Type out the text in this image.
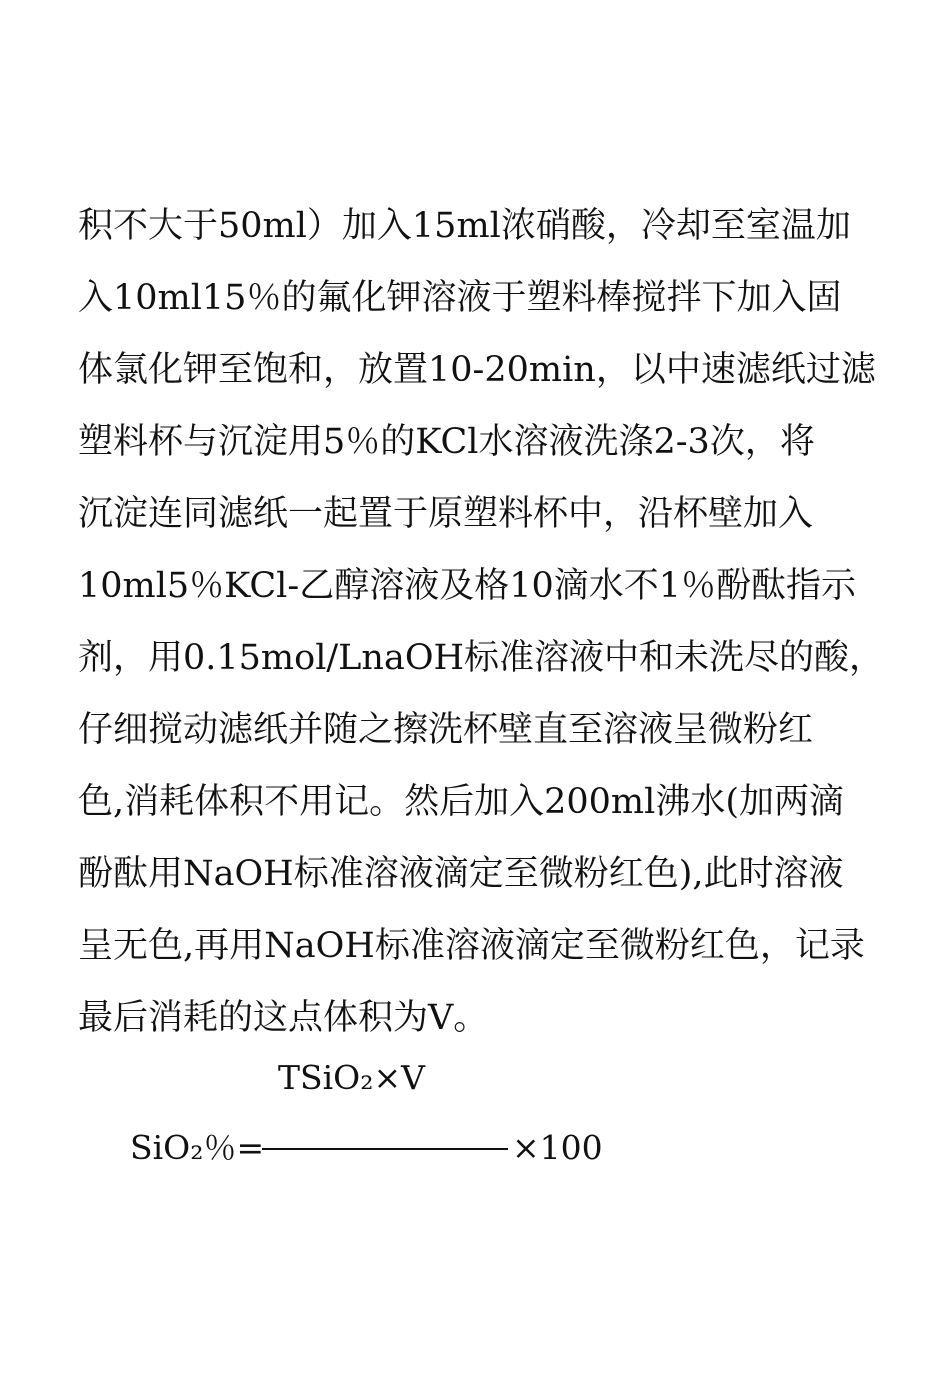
积不大于50ml）加入15ml浓硝酸，冷却至室温加
入10ml15％的氟化钾溶液于塑料棒搅拌下加入固
体氯化钾至饱和，放置10-20min，以中速滤纸过滤
塑料杯与沉淀用5％的KCl水溶液洗涤2-3次，将
沉淀连同滤纸一起置于原塑料杯中，沿杯壁加入
10ml5％KCl-乙醇溶液及格10滴水不1％酚酞指示
剂，用0.15mol/LnaOH标准溶液中和未洗尽的酸，
仔细搅动滤纸并随之擦洗杯壁直至溶液呈微粉红
色,消耗体积不用记。然后加入200ml沸水(加两滴
酚酞用NaOH标准溶液滴定至微粉红色),此时溶液
呈无色,再用NaOH标准溶液滴定至微粉红色，记录
最后消耗的这点体积为V。
TSiO₂×V
SiO₂％=	×100
